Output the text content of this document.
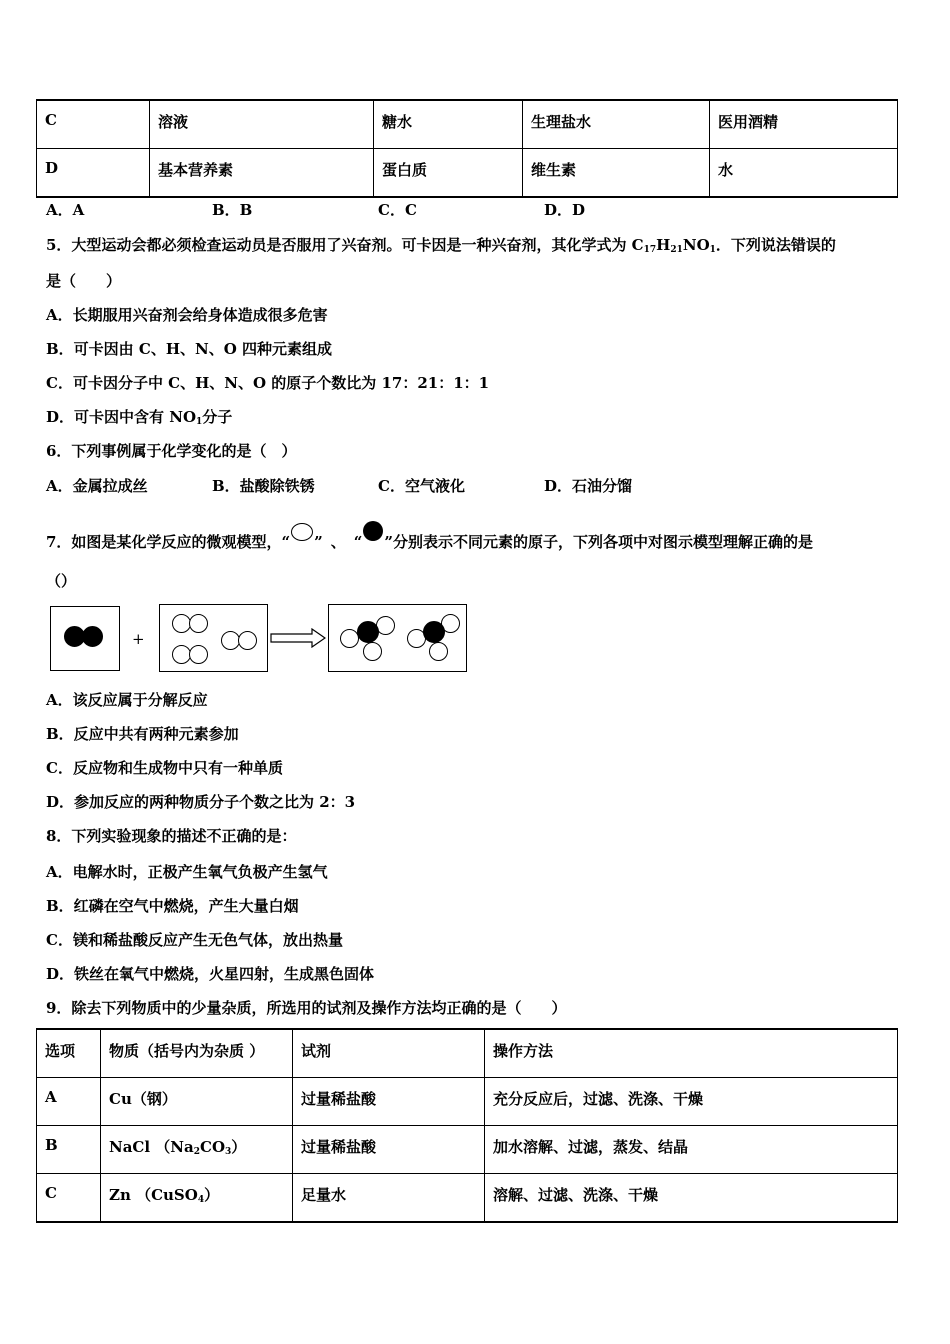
C	溶液	糖水	生理盐水	医用酒精
D	基本营养素	蛋白质	维生素	水
A．A	B．B	C．C	D．D
5．大型运动会都必须检查运动员是否服用了兴奋剂。可卡因是一种兴奋剂，其化学式为 $C_{17}H_{21}NO_1$．下列说法错误的
是（　　）
A．长期服用兴奋剂会给身体造成很多危害
B．可卡因由 C、H、N、O 四种元素组成
C．可卡因分子中 C、H、N、O 的原子个数比为 17：21：1：1
D．可卡因中含有 $NO_1$分子
6．下列事例属于化学变化的是（　）
A．金属拉成丝	B．盐酸除铁锈	C．空气液化	D．石油分馏
7．如图是某化学反应的微观模型，“ ” 、 “ ”分别表示不同元素的原子，下列各项中对图示模型理解正确的是
（）
+
A．该反应属于分解反应
B．反应中共有两种元素参加
C．反应物和生成物中只有一种单质
D．参加反应的两种物质分子个数之比为 2：3
8．下列实验现象的描述不正确的是：
A．电解水时，正极产生氧气负极产生氢气
B．红磷在空气中燃烧，产生大量白烟
C．镁和稀盐酸反应产生无色气体，放出热量
D．铁丝在氧气中燃烧，火星四射，生成黑色固体
9．除去下列物质中的少量杂质，所选用的试剂及操作方法均正确的是（　　）
选项	物质（括号内为杂质 ）	试剂	操作方法
A	Cu（钢）	过量稀盐酸	充分反应后，过滤、洗涤、干燥
B	NaCl $(Na_2CO_3)$	过量稀盐酸	加水溶解、过滤，蒸发、结晶
C	Zn （CuSO$_4$）	足量水	溶解、过滤、洗涤、干燥
